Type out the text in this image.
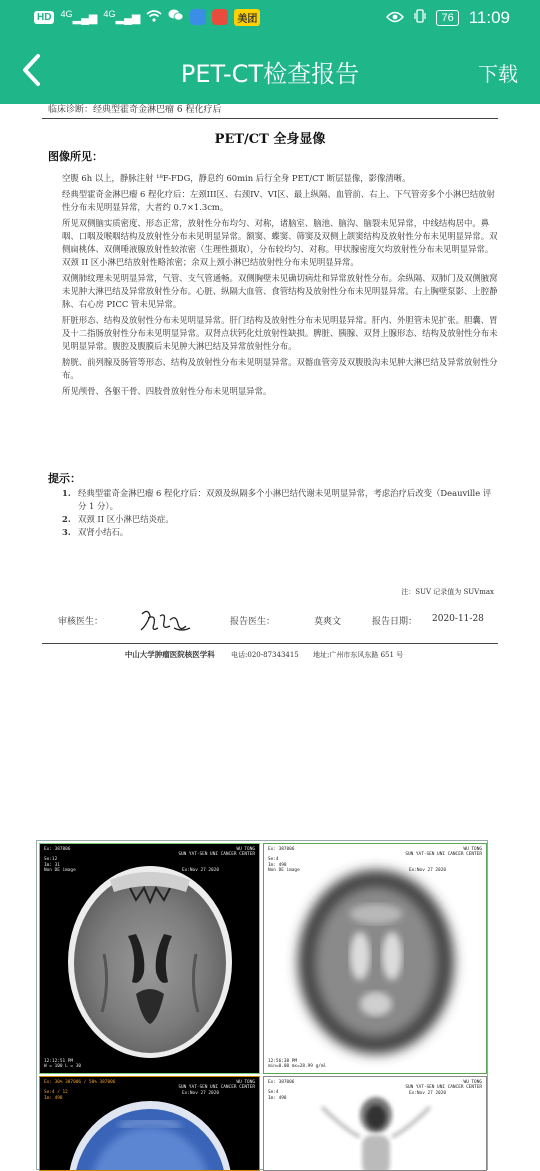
HD $^{4G}$▂▄▆ $^{4G}$▂▄▆	美团	76 11:09
PET-CT检查报告	下载
临床诊断：经典型霍奇金淋巴瘤 6 程化疗后
PET/CT 全身显像
图像所见：

空腹 6h 以上，静脉注射 ¹⁸F-FDG，静息约 60min 后行全身 PET/CT 断层显像，影像清晰。

经典型霍奇金淋巴瘤 6 程化疗后：左颈III区、右颈IV、VI区、最上纵隔、血管前、右上、下气管旁多个小淋巴结放射性分布未见明显异常，大者约 0.7×1.3cm。

所见双侧脑实质密度、形态正常，放射性分布均匀、对称，诸脑室、脑池、脑沟、脑裂未见异常，中线结构居中。鼻咽、口咽及喉咽结构及放射性分布未见明显异常。额窦、蝶窦、筛窦及双侧上颌窦结构及放射性分布未见明显异常。双侧扁桃体、双侧唾液腺放射性较浓密（生理性摄取），分布较均匀、对称。甲状腺密度欠均放射性分布未见明显异常。双颈 II 区小淋巴结放射性略浓密；余双上颈小淋巴结放射性分布未见明显异常。

双侧肺纹理未见明显异常，气管、支气管通畅。双侧胸壁未见确切病灶和异常放射性分布。余纵隔、双肺门及双侧腋窝未见肿大淋巴结及异常放射性分布。心脏、纵隔大血管、食管结构及放射性分布未见明显异常。右上胸壁泵影、上腔静脉、右心房 PICC 管未见异常。

肝脏形态、结构及放射性分布未见明显异常。肝门结构及放射性分布未见明显异常。肝内、外胆管未见扩张。胆囊、胃及十二指肠放射性分布未见明显异常。双肾点状钙化灶放射性缺损。脾脏、胰腺、双肾上腺形态、结构及放射性分布未见明显异常。腹腔及腹膜后未见肿大淋巴结及异常放射性分布。

膀胱、前列腺及肠管等形态、结构及放射性分布未见明显异常。双髂血管旁及双腹股沟未见肿大淋巴结及异常放射性分布。

所见颅骨、各躯干骨、四肢骨放射性分布未见明显异常。

提示：
1. 经典型霍奇金淋巴瘤 6 程化疗后：双颈及纵隔多个小淋巴结代谢未见明显异常，考虑治疗后改变（Deauville 评分 1 分）。
2. 双颈 II 区小淋巴结炎症。
3. 双肾小结石。
注：SUV 记录值为 SUVmax
审核医生：	报告医生：	莫爽文	报告日期： 2020-11-28
中山大学肿瘤医院核医学科 电话:020-87343415 地址:广州市东风东路 651 号
WU TONG
SUN YAT-SEN UNI CANCER CENTER
Ex: 387006

Se:12
Im: 31
Non DE image	Ex:Nov 27 2020
12:12:51 PM
W = 100 L = 30
WU TONG
SUN YAT-SEN UNI CANCER CENTER
Ex: 387006

Se:4
Im: 498
Non DE image	Ex:Nov 27 2020
12:56:38 PM
min=0.00 mx=28.99 g/ml
Ex: 30% 387006 / 50% 387006

Se:4 / 12
Im: 498
WU TONG
SUN YAT-SEN UNI CANCER CENTER
Ex:Nov 27 2020
WU TONG
SUN YAT-SEN UNI CANCER CENTER
Ex: 387006

Se:4
Im: 498
Ex:Nov 27 2020
